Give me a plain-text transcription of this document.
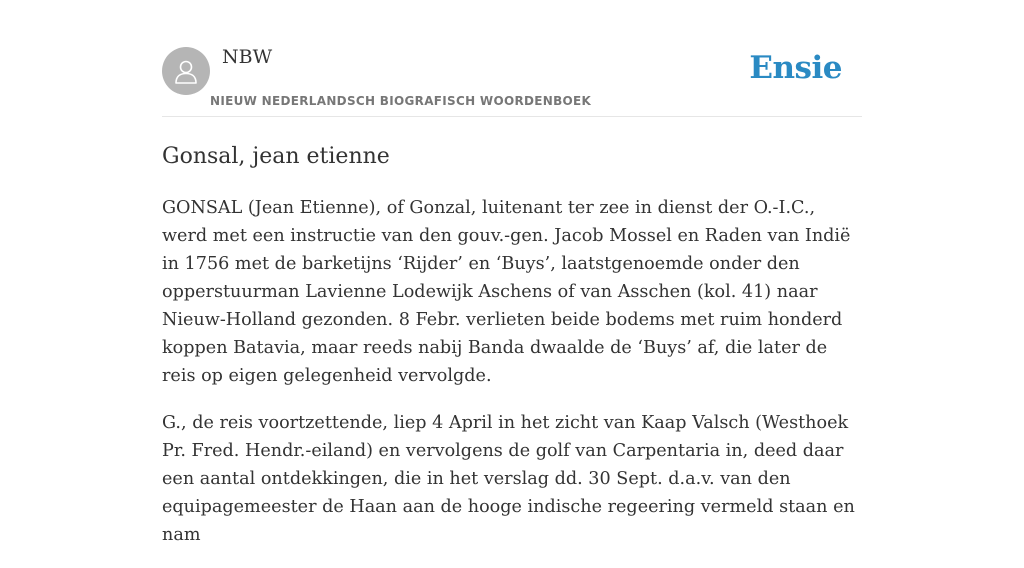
NBW
NIEUW NEDERLANDSCH BIOGRAFISCH WOORDENBOEK
Ensie
Gonsal, jean etienne

GONSAL (Jean Etienne), of Gonzal, luitenant ter zee in dienst der O.-I.C., werd met een instructie van den gouv.-gen. Jacob Mossel en Raden van Indië in 1756 met de barketijns ‘Rijder’ en ‘Buys’, laatstgenoemde onder den opperstuurman Lavienne Lodewijk Aschens of van Asschen (kol. 41) naar Nieuw-Holland gezonden. 8 Febr. verlieten beide bodems met ruim honderd koppen Batavia, maar reeds nabij Banda dwaalde de ‘Buys’ af, die later de reis op eigen gelegenheid vervolgde.

G., de reis voortzettende, liep 4 April in het zicht van Kaap Valsch (Westhoek Pr. Fred. Hendr.-eiland) en vervolgens de golf van Carpentaria in, deed daar een aantal ontdekkingen, die in het verslag dd. 30 Sept. d.a.v. van den equipagemeester de Haan aan de hooge indische regeering vermeld staan en nam
